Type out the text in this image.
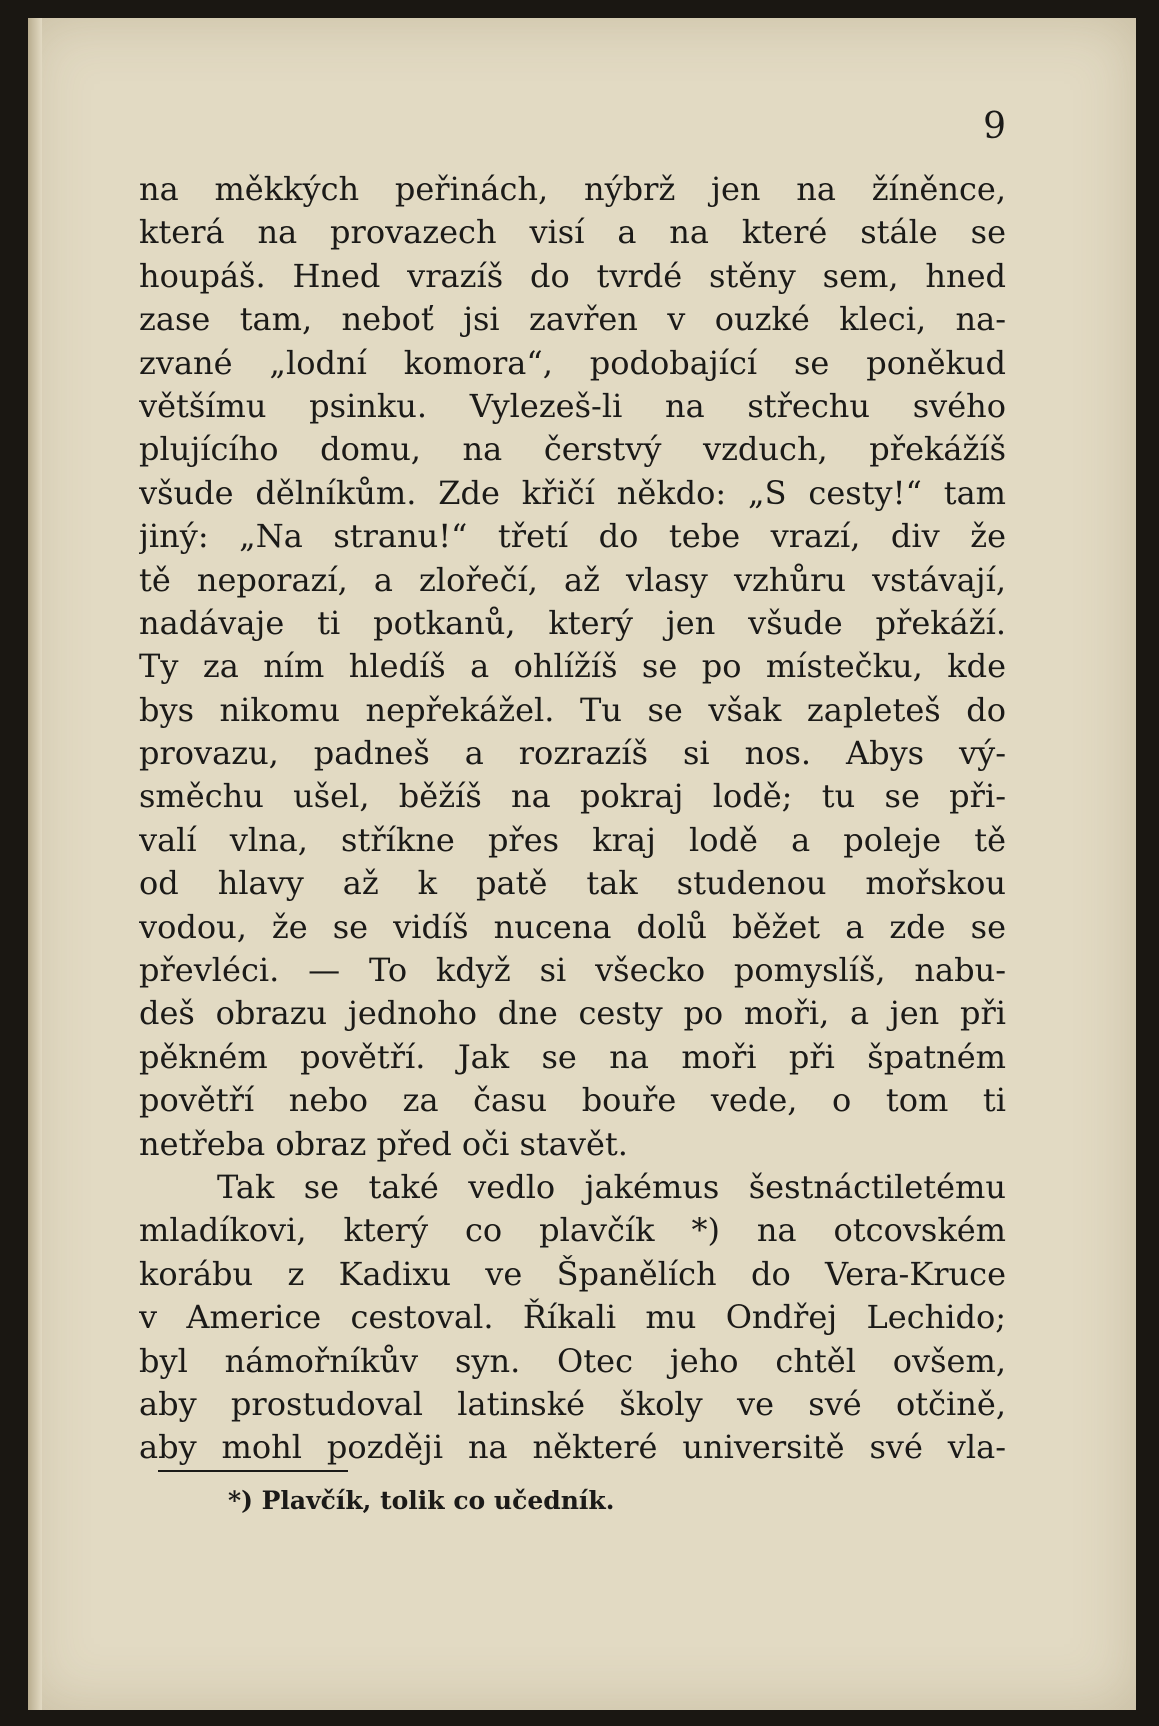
9
na měkkých peřinách, nýbrž jen na žíněnce,
která na provazech visí a na které stále se
houpáš. Hned vrazíš do tvrdé stěny sem, hned
zase tam, neboť jsi zavřen v ouzké kleci, na-
zvané „lodní komora“, podobající se poněkud
většímu psinku. Vylezeš-li na střechu svého
plujícího domu, na čerstvý vzduch, překážíš
všude dělníkům. Zde křičí někdo: „S cesty!“ tam
jiný: „Na stranu!“ třetí do tebe vrazí, div že
tě neporazí, a zlořečí, až vlasy vzhůru vstávají,
nadávaje ti potkanů, který jen všude překáží.
Ty za ním hledíš a ohlížíš se po místečku, kde
bys nikomu nepřekážel. Tu se však zapleteš do
provazu, padneš a rozrazíš si nos. Abys vý-
směchu ušel, běžíš na pokraj lodě; tu se při-
valí vlna, stříkne přes kraj lodě a poleje tě
od hlavy až k patě tak studenou mořskou
vodou, že se vidíš nucena dolů běžet a zde se
převléci. — To když si všecko pomyslíš, nabu-
deš obrazu jednoho dne cesty po moři, a jen při
pěkném povětří. Jak se na moři při špatném
povětří nebo za času bouře vede, o tom ti
netřeba obraz před oči stavět.
Tak se také vedlo jakémus šestnáctiletému
mladíkovi, který co plavčík *) na otcovském
korábu z Kadixu ve Španělích do Vera-Kruce
v Americe cestoval. Říkali mu Ondřej Lechido;
byl námořníkův syn. Otec jeho chtěl ovšem,
aby prostudoval latinské školy ve své otčině,
aby mohl později na některé universitě své vla-
*) Plavčík, tolik co učedník.
